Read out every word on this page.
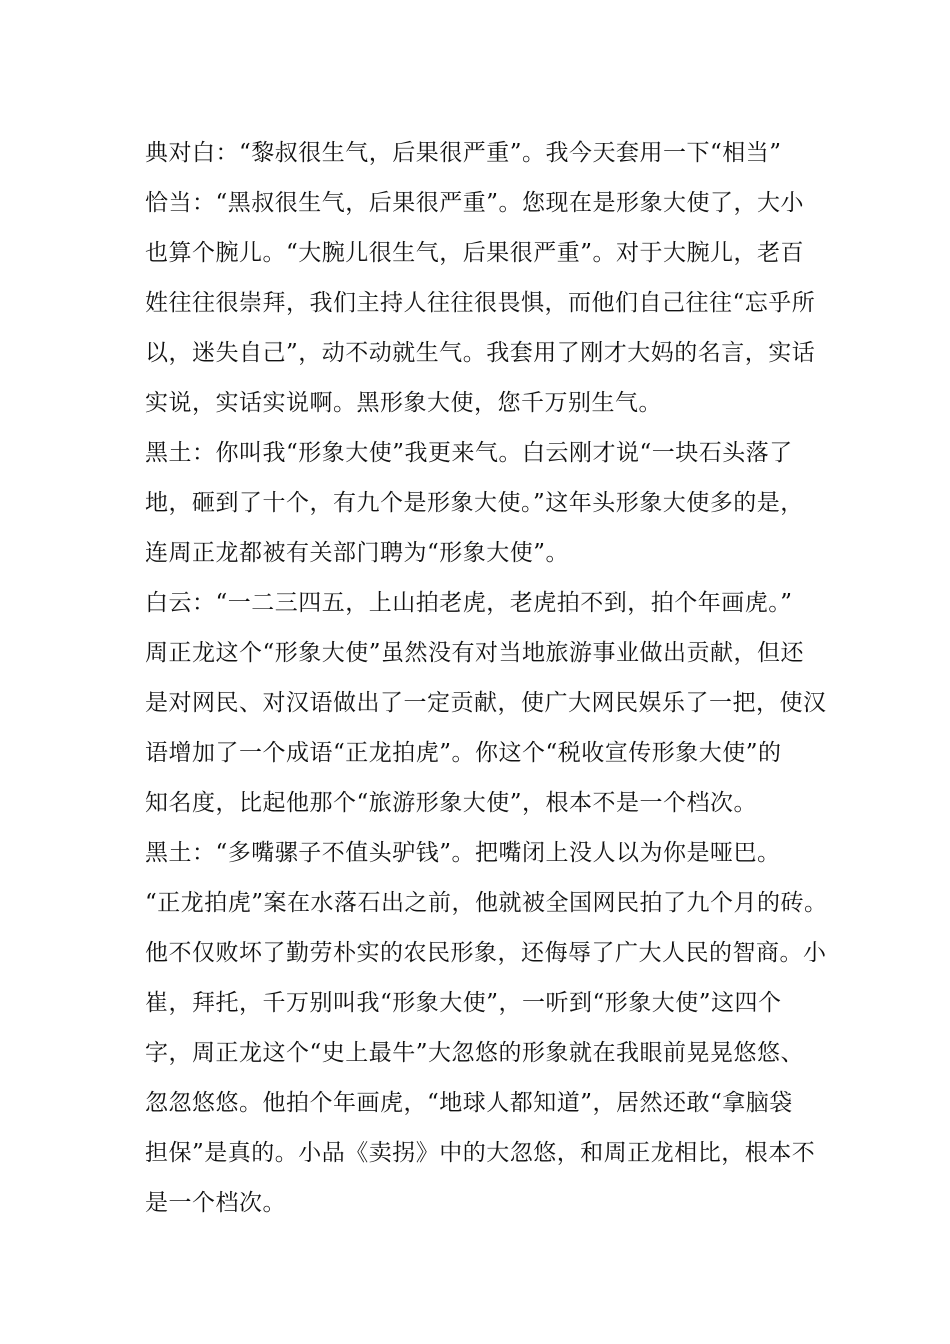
典对白：“黎叔很生气，后果很严重”。我今天套用一下“相当”
恰当：“黑叔很生气，后果很严重”。您现在是形象大使了，大小
也算个腕儿。“大腕儿很生气，后果很严重”。对于大腕儿，老百
姓往往很崇拜，我们主持人往往很畏惧，而他们自己往往“忘乎所
以，迷失自己”，动不动就生气。我套用了刚才大妈的名言，实话
实说，实话实说啊。黑形象大使，您千万别生气。
黑土：你叫我“形象大使”我更来气。白云刚才说“一块石头落了
地，砸到了十个，有九个是形象大使。”这年头形象大使多的是，
连周正龙都被有关部门聘为“形象大使”。
白云：“一二三四五，上山拍老虎，老虎拍不到，拍个年画虎。”
周正龙这个“形象大使”虽然没有对当地旅游事业做出贡献，但还
是对网民、对汉语做出了一定贡献，使广大网民娱乐了一把，使汉
语增加了一个成语“正龙拍虎”。你这个“税收宣传形象大使”的
知名度，比起他那个“旅游形象大使”，根本不是一个档次。
黑土：“多嘴骡子不值头驴钱”。把嘴闭上没人以为你是哑巴。
“正龙拍虎”案在水落石出之前，他就被全国网民拍了九个月的砖。
他不仅败坏了勤劳朴实的农民形象，还侮辱了广大人民的智商。小
崔，拜托，千万别叫我“形象大使”，一听到“形象大使”这四个
字，周正龙这个“史上最牛”大忽悠的形象就在我眼前晃晃悠悠、
忽忽悠悠。他拍个年画虎，“地球人都知道”，居然还敢“拿脑袋
担保”是真的。小品《卖拐》中的大忽悠，和周正龙相比，根本不
是一个档次。
